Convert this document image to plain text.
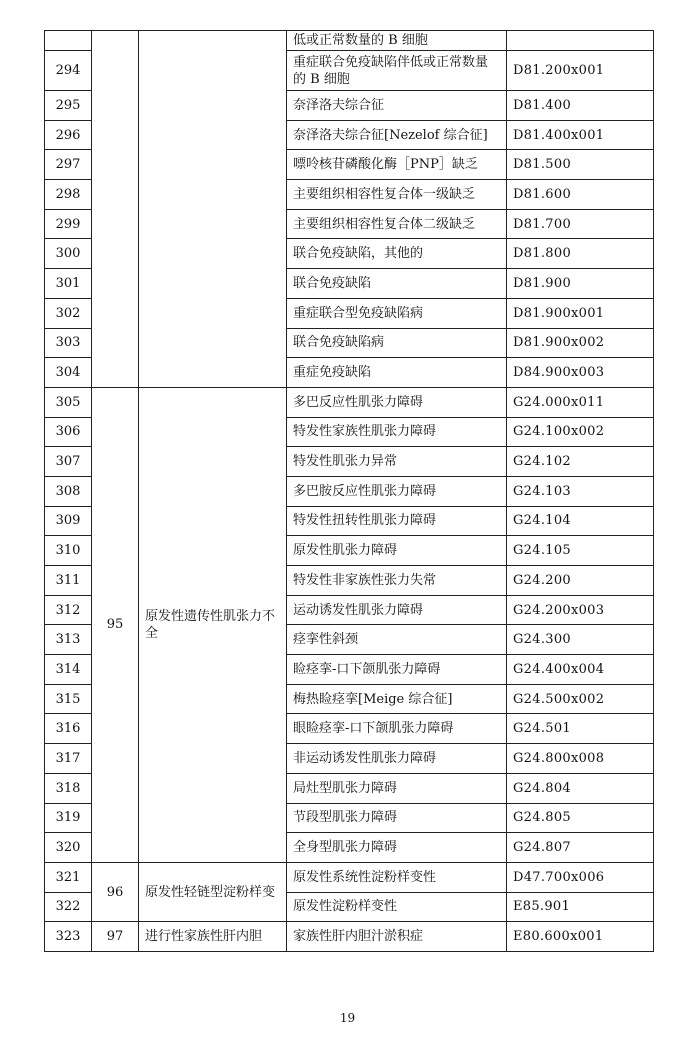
			低或正常数量的 B 细胞	
294			重症联合免疫缺陷伴低或正常数量的 B 细胞	D81.200x001
295			奈泽洛夫综合征	D81.400
296			奈泽洛夫综合征[Nezelof 综合征]	D81.400x001
297			嘌呤核苷磷酸化酶［PNP］缺乏	D81.500
298			主要组织相容性复合体一级缺乏	D81.600
299			主要组织相容性复合体二级缺乏	D81.700
300			联合免疫缺陷，其他的	D81.800
301			联合免疫缺陷	D81.900
302			重症联合型免疫缺陷病	D81.900x001
303			联合免疫缺陷病	D81.900x002
304			重症免疫缺陷	D84.900x003
305	95	原发性遗传性肌张力不全	多巴反应性肌张力障碍	G24.000x011
306			特发性家族性肌张力障碍	G24.100x002
307			特发性肌张力异常	G24.102
308			多巴胺反应性肌张力障碍	G24.103
309			特发性扭转性肌张力障碍	G24.104
310			原发性肌张力障碍	G24.105
311			特发性非家族性张力失常	G24.200
312			运动诱发性肌张力障碍	G24.200x003
313			痉挛性斜颈	G24.300
314			睑痉挛-口下颌肌张力障碍	G24.400x004
315			梅热睑痉挛[Meige 综合征]	G24.500x002
316			眼睑痉挛-口下颌肌张力障碍	G24.501
317			非运动诱发性肌张力障碍	G24.800x008
318			局灶型肌张力障碍	G24.804
319			节段型肌张力障碍	G24.805
320			全身型肌张力障碍	G24.807
321	96	原发性轻链型淀粉样变	原发性系统性淀粉样变性	D47.700x006
322			原发性淀粉样变性	E85.901
323	97	进行性家族性肝内胆	家族性肝内胆汁淤积症	E80.600x001
19
